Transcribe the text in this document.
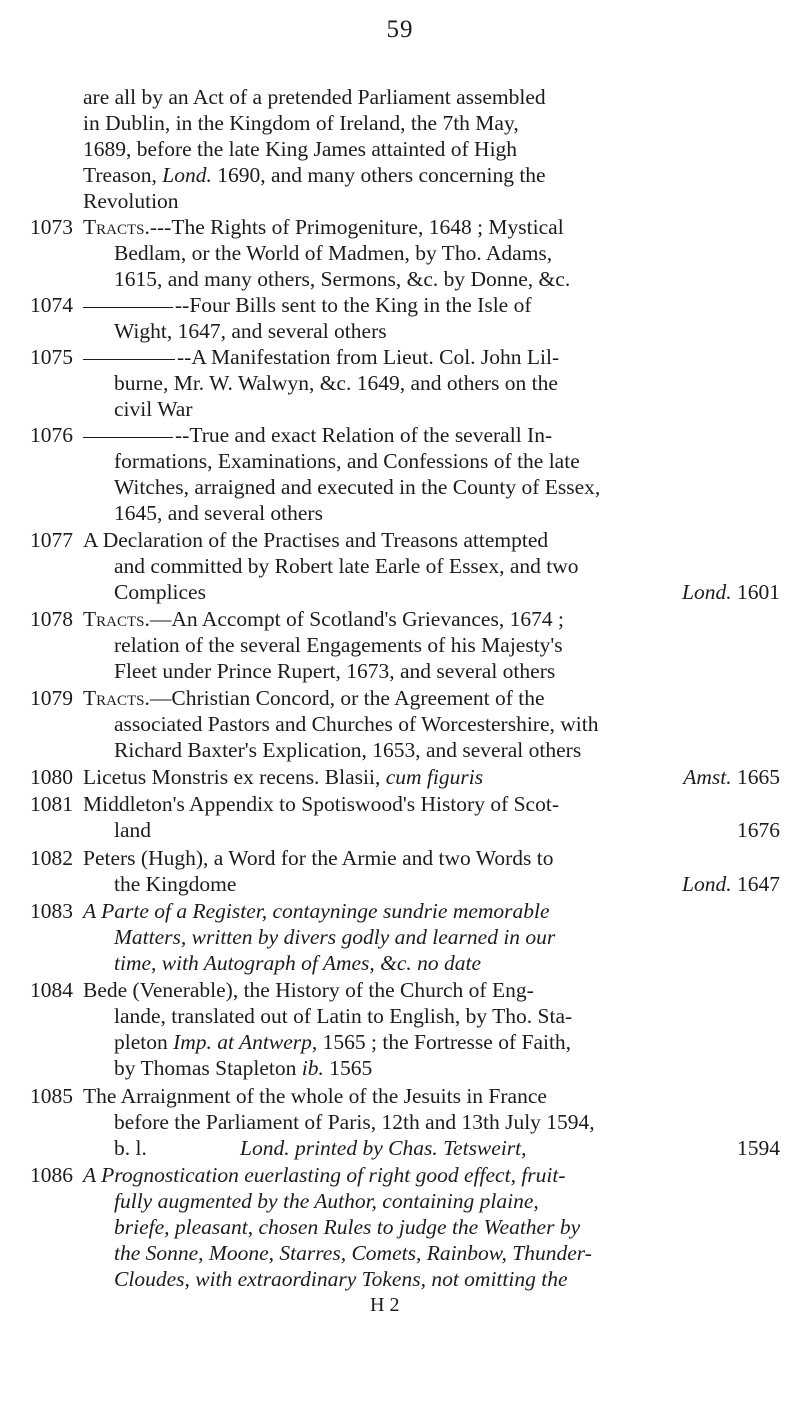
59
are all by an Act of a pretended Parliament assembled
in Dublin, in the Kingdom of Ireland, the 7th May,
1689, before the late King James attainted of High
Treason, Lond. 1690, and many others concerning the
Revolution
1073 Tracts.---The Rights of Primogeniture, 1648 ; Mystical
Bedlam, or the World of Madmen, by Tho. Adams,
1615, and many others, Sermons, &c. by Donne, &c.
1074	--Four Bills sent to the King in the Isle of
Wight, 1647, and several others
1075	--A Manifestation from Lieut. Col. John Lil-
burne, Mr. W. Walwyn, &c. 1649, and others on the
civil War
1076	--True and exact Relation of the severall In-
formations, Examinations, and Confessions of the late
Witches, arraigned and executed in the County of Essex,
1645, and several others
1077 A Declaration of the Practises and Treasons attempted
and committed by Robert late Earle of Essex, and two
Complices	Lond. 1601
1078 Tracts.—An Accompt of Scotland's Grievances, 1674 ;
relation of the several Engagements of his Majesty's
Fleet under Prince Rupert, 1673, and several others
1079 Tracts.—Christian Concord, or the Agreement of the
associated Pastors and Churches of Worcestershire, with
Richard Baxter's Explication, 1653, and several others
1080 Licetus Monstris ex recens. Blasii, cum figuris	Amst. 1665
1081 Middleton's Appendix to Spotiswood's History of Scot-
land	1676
1082 Peters (Hugh), a Word for the Armie and two Words to
the Kingdome	Lond. 1647
1083 A Parte of a Register, contayninge sundrie memorable
Matters, written by divers godly and learned in our
time, with Autograph of Ames, &c. no date
1084 Bede (Venerable), the History of the Church of Eng-
lande, translated out of Latin to English, by Tho. Sta-
pleton Imp. at Antwerp, 1565 ; the Fortresse of Faith,
by Thomas Stapleton ib. 1565
1085 The Arraignment of the whole of the Jesuits in France
before the Parliament of Paris, 12th and 13th July 1594,
b. l.	Lond. printed by Chas. Tetsweirt,	1594
1086 A Prognostication euerlasting of right good effect, fruit-
fully augmented by the Author, containing plaine,
briefe, pleasant, chosen Rules to judge the Weather by
the Sonne, Moone, Starres, Comets, Rainbow, Thunder-
Cloudes, with extraordinary Tokens, not omitting the
H 2
